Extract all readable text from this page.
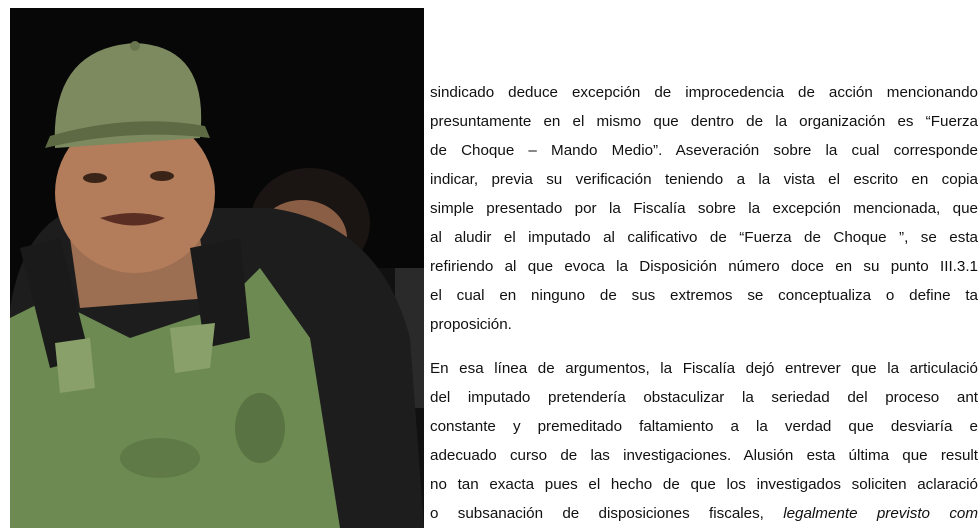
sindicado deduce excepción de improcedencia de acción mencionando
presuntamente en el mismo que dentro de la organización es “Fuerza
de Choque – Mando Medio”. Aseveración sobre la cual corresponde
indicar, previa su verificación teniendo a la vista el escrito en copia
simple presentado por la Fiscalía sobre la excepción mencionada, que
al aludir el imputado al calificativo de “Fuerza de Choque ”, se esta
refiriendo al que evoca la Disposición número doce en su punto III.3.1
el cual en ninguno de sus extremos se conceptualiza o define ta
proposición.
En esa línea de argumentos, la Fiscalía dejó entrever que la articulació
del imputado pretendería obstaculizar la seriedad del proceso ant
constante y premeditado faltamiento a la verdad que desviaría e
adecuado curso de las investigaciones. Alusión esta última que result
no tan exacta pues el hecho de que los investigados soliciten aclaració
o subsanación de disposiciones fiscales, legalmente previsto com
